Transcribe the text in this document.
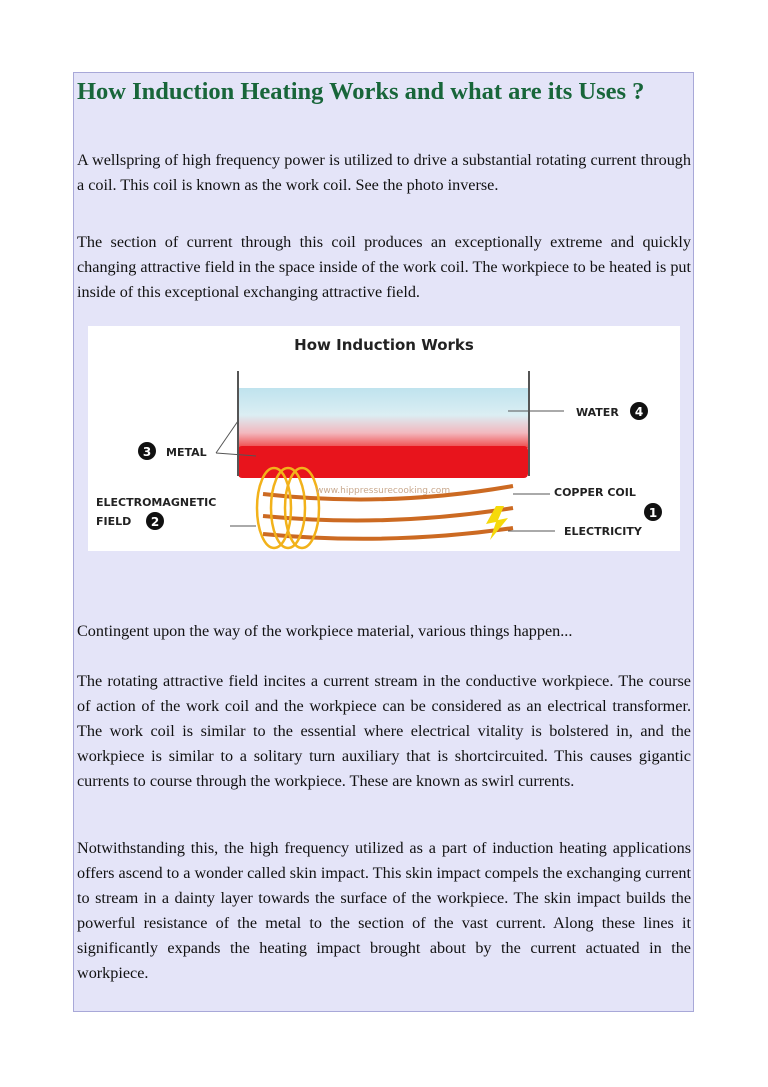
How Induction Heating Works and what are its Uses ?

A wellspring of high frequency power is utilized to drive a substantial rotating current through a coil. This coil is known as the work coil. See the photo inverse.

The section of current through this coil produces an exceptionally extreme and quickly changing attractive field in the space inside of the work coil. The workpiece to be heated is put inside of this exceptional exchanging attractive field.

How Induction Works
www.hippressurecooking.com
WATER 4
3 METAL
ELECTROMAGNETIC
FIELD 2
COPPER COIL
1
ELECTRICITY

Contingent upon the way of the workpiece material, various things happen...

The rotating attractive field incites a current stream in the conductive workpiece. The course of action of the work coil and the workpiece can be considered as an electrical transformer. The work coil is similar to the essential where electrical vitality is bolstered in, and the workpiece is similar to a solitary turn auxiliary that is shortcircuited. This causes gigantic currents to course through the workpiece. These are known as swirl currents.

Notwithstanding this, the high frequency utilized as a part of induction heating applications offers ascend to a wonder called skin impact. This skin impact compels the exchanging current to stream in a dainty layer towards the surface of the workpiece. The skin impact builds the powerful resistance of the metal to the section of the vast current. Along these lines it significantly expands the heating impact brought about by the current actuated in the workpiece.
